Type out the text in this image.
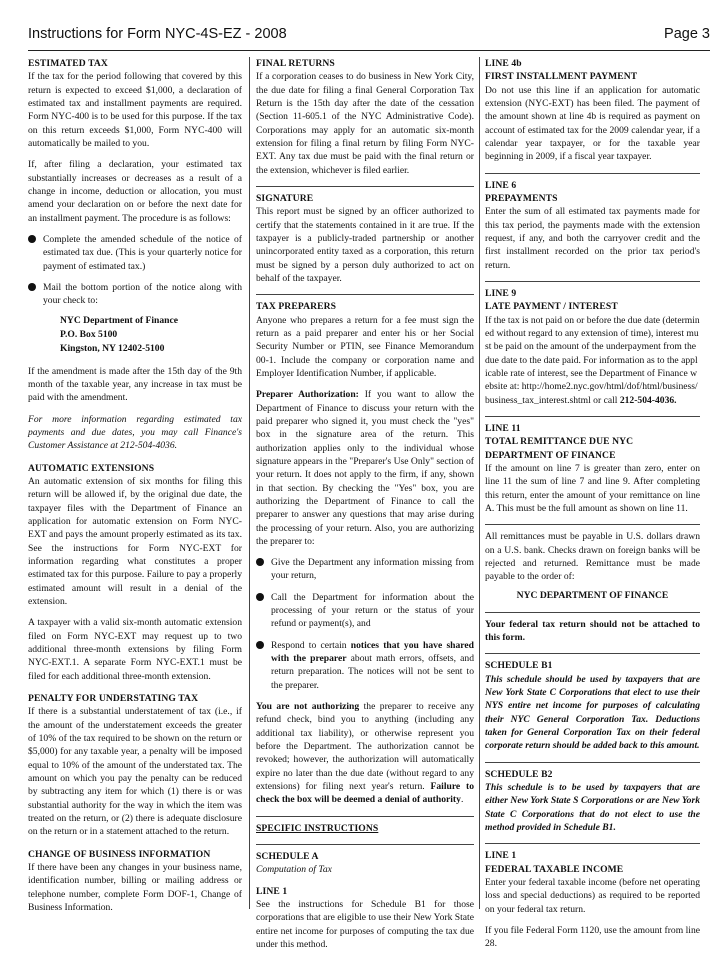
Instructions for Form NYC-4S-EZ - 2008	Page 3
ESTIMATED TAX

If the tax for the period following that covered by this return is expected to exceed $1,000, a declaration of estimated tax and installment payments are required. Form NYC-400 is to be used for this purpose. If the tax on this return exceeds $1,000, Form NYC-400 will automatically be mailed to you.

If, after filing a declaration, your estimated tax substantially increases or decreases as a result of a change in income, deduction or allocation, you must amend your declaration on or before the next date for an installment payment. The procedure is as follows:

Complete the amended schedule of the notice of estimated tax due. (This is your quarterly notice for payment of estimated tax.)
Mail the bottom portion of the notice along with your check to:
NYC Department of Finance
P.O. Box 5100
Kingston, NY 12402-5100

If the amendment is made after the 15th day of the 9th month of the taxable year, any increase in tax must be paid with the amendment.

For more information regarding estimated tax payments and due dates, you may call Finance's Customer Assistance at 212-504-4036.

AUTOMATIC EXTENSIONS

An automatic extension of six months for filing this return will be allowed if, by the original due date, the taxpayer files with the Department of Finance an application for automatic extension on Form NYC-EXT and pays the amount properly estimated as its tax. See the instructions for Form NYC-EXT for information regarding what constitutes a proper estimated tax for this purpose. Failure to pay a properly estimated amount will result in a denial of the extension.

A taxpayer with a valid six-month automatic extension filed on Form NYC-EXT may request up to two additional three-month extensions by filing Form NYC-EXT.1. A separate Form NYC-EXT.1 must be filed for each additional three-month extension.

PENALTY FOR UNDERSTATING TAX

If there is a substantial understatement of tax (i.e., if the amount of the understatement exceeds the greater of 10% of the tax required to be shown on the return or $5,000) for any taxable year, a penalty will be imposed equal to 10% of the amount of the understated tax. The amount on which you pay the penalty can be reduced by subtracting any item for which (1) there is or was substantial authority for the way in which the item was treated on the return, or (2) there is adequate disclosure on the return or in a statement attached to the return.

CHANGE OF BUSINESS INFORMATION

If there have been any changes in your business name, identification number, billing or mailing address or telephone number, complete Form DOF-1, Change of Business Information.

FINAL RETURNS

If a corporation ceases to do business in New York City, the due date for filing a final General Corporation Tax Return is the 15th day after the date of the cessation (Section 11-605.1 of the NYC Administrative Code). Corporations may apply for an automatic six-month extension for filing a final return by filing Form NYC-EXT. Any tax due must be paid with the final return or the extension, whichever is filed earlier.

SIGNATURE

This report must be signed by an officer authorized to certify that the statements contained in it are true. If the taxpayer is a publicly-traded partnership or another unincorporated entity taxed as a corporation, this return must be signed by a person duly authorized to act on behalf of the taxpayer.

TAX PREPARERS

Anyone who prepares a return for a fee must sign the return as a paid preparer and enter his or her Social Security Number or PTIN, see Finance Memorandum 00-1. Include the company or corporation name and Employer Identification Number, if applicable.

Preparer Authorization: If you want to allow the Department of Finance to discuss your return with the paid preparer who signed it, you must check the "yes" box in the signature area of the return. This authorization applies only to the individual whose signature appears in the "Preparer's Use Only" section of your return. It does not apply to the firm, if any, shown in that section. By checking the "Yes" box, you are authorizing the Department of Finance to call the preparer to answer any questions that may arise during the processing of your return. Also, you are authorizing the preparer to:

Give the Department any information missing from your return,
Call the Department for information about the processing of your return or the status of your refund or payment(s), and
Respond to certain notices that you have shared with the preparer about math errors, offsets, and return preparation. The notices will not be sent to the preparer.

You are not authorizing the preparer to receive any refund check, bind you to anything (including any additional tax liability), or otherwise represent you before the Department. The authorization cannot be revoked; however, the authorization will automatically expire no later than the due date (without regard to any extensions) for filing next year's return. Failure to check the box will be deemed a denial of authority.

SPECIFIC INSTRUCTIONS
SCHEDULE A

Computation of Tax

LINE 1

See the instructions for Schedule B1 for those corporations that are eligible to use their New York State entire net income for purposes of computing the tax due under this method.

LINE 4b
FIRST INSTALLMENT PAYMENT

Do not use this line if an application for automatic extension (NYC-EXT) has been filed. The payment of the amount shown at line 4b is required as payment on account of estimated tax for the 2009 calendar year, if a calendar year taxpayer, or for the taxable year beginning in 2009, if a fiscal year taxpayer.

LINE 6
PREPAYMENTS

Enter the sum of all estimated tax payments made for this tax period, the payments made with the extension request, if any, and both the carryover credit and the first installment recorded on the prior tax period's return.

LINE 9
LATE PAYMENT / INTEREST

If the tax is not paid on or before the due date (determined without regard to any extension of time), interest must be paid on the amount of the underpayment from the due date to the date paid. For information as to the applicable rate of interest, see the Department of Finance website at: http://home2.nyc.gov/html/dof/html/business/business_tax_interest.shtml or call 212-504-4036.

LINE 11
TOTAL REMITTANCE DUE NYC
DEPARTMENT OF FINANCE

If the amount on line 7 is greater than zero, enter on line 11 the sum of line 7 and line 9. After completing this return, enter the amount of your remittance on line A. This must be the full amount as shown on line 11.

All remittances must be payable in U.S. dollars drawn on a U.S. bank. Checks drawn on foreign banks will be rejected and returned. Remittance must be made payable to the order of:

NYC DEPARTMENT OF FINANCE

Your federal tax return should not be attached to this form.

SCHEDULE B1

This schedule should be used by taxpayers that are New York State C Corporations that elect to use their NYS entire net income for purposes of calculating their NYC General Corporation Tax. Deductions taken for General Corporation Tax on their federal corporate return should be added back to this amount.

SCHEDULE B2

This schedule is to be used by taxpayers that are either New York State S Corporations or are New York State C Corporations that do not elect to use the method provided in Schedule B1.

LINE 1
FEDERAL TAXABLE INCOME

Enter your federal taxable income (before net operating loss and special deductions) as required to be reported on your federal tax return.

If you file Federal Form 1120, use the amount from line 28.
